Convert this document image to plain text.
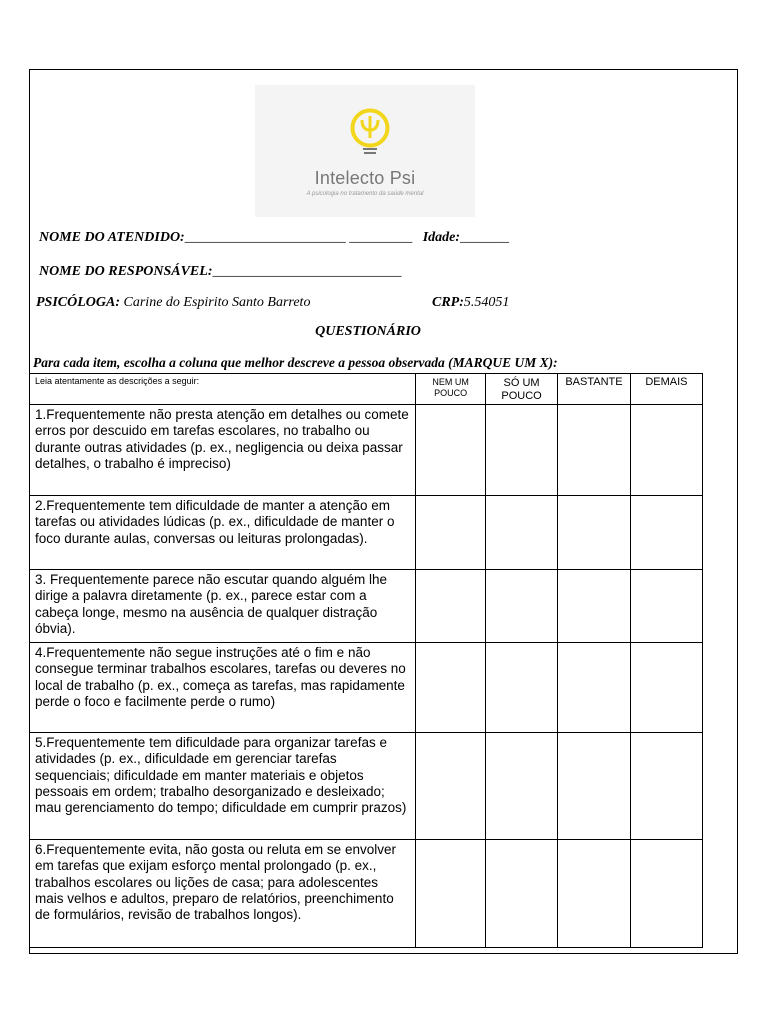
Intelecto Psi
A psicologia no tratamento da saúde mental
NOME DO ATENDIDO:_______________________ _________ Idade:_______
NOME DO RESPONSÁVEL:___________________________
PSICÓLOGA: Carine do Espirito Santo Barreto	CRP:5.54051
QUESTIONÁRIO
Para cada item, escolha a coluna que melhor descreve a pessoa observada (MARQUE UM X):
Leia atentamente as descrições a seguir:	NEM UM POUCO	SÓ UM POUCO	BASTANTE	DEMAIS
1.Frequentemente não presta atenção em detalhes ou comete erros por descuido em tarefas escolares, no trabalho ou durante outras atividades (p. ex., negligencia ou deixa passar detalhes, o trabalho é impreciso)				
2.Frequentemente tem dificuldade de manter a atenção em tarefas ou atividades lúdicas (p. ex., dificuldade de manter o foco durante aulas, conversas ou leituras prolongadas).				
3. Frequentemente parece não escutar quando alguém lhe dirige a palavra diretamente (p. ex., parece estar com a cabeça longe, mesmo na ausência de qualquer distração óbvia).				
4.Frequentemente não segue instruções até o fim e não consegue terminar trabalhos escolares, tarefas ou deveres no local de trabalho (p. ex., começa as tarefas, mas rapidamente perde o foco e facilmente perde o rumo)				
5.Frequentemente tem dificuldade para organizar tarefas e atividades (p. ex., dificuldade em gerenciar tarefas sequenciais; dificuldade em manter materiais e objetos pessoais em ordem; trabalho desorganizado e desleixado; mau gerenciamento do tempo; dificuldade em cumprir prazos)				
6.Frequentemente evita, não gosta ou reluta em se envolver em tarefas que exijam esforço mental prolongado (p. ex., trabalhos escolares ou lições de casa; para adolescentes mais velhos e adultos, preparo de relatórios, preenchimento de formulários, revisão de trabalhos longos).				
